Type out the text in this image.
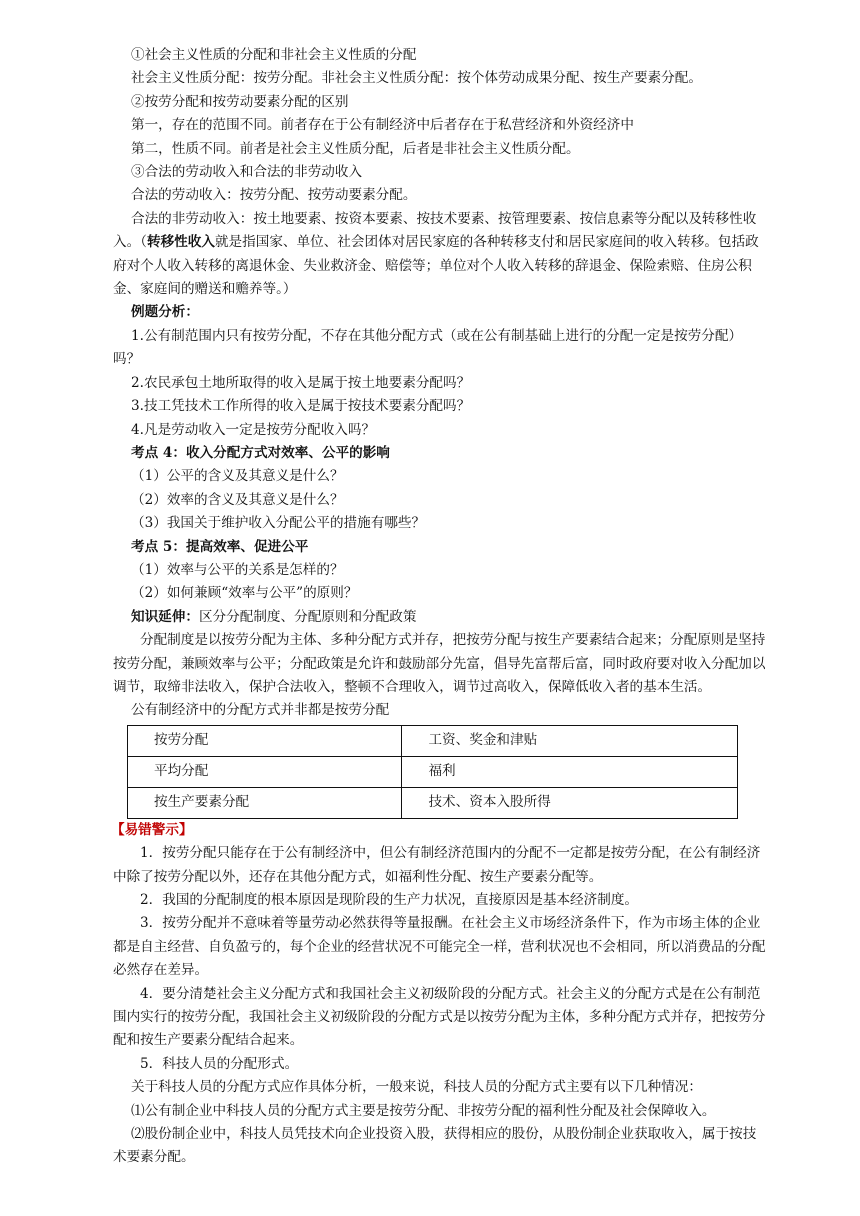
①社会主义性质的分配和非社会主义性质的分配

社会主义性质分配：按劳分配。非社会主义性质分配：按个体劳动成果分配、按生产要素分配。

②按劳分配和按劳动要素分配的区别

第一，存在的范围不同。前者存在于公有制经济中后者存在于私营经济和外资经济中

第二，性质不同。前者是社会主义性质分配，后者是非社会主义性质分配。

③合法的劳动收入和合法的非劳动收入

合法的劳动收入：按劳分配、按劳动要素分配。

合法的非劳动收入：按土地要素、按资本要素、按技术要素、按管理要素、按信息素等分配以及转移性收入。（转移性收入就是指国家、单位、社会团体对居民家庭的各种转移支付和居民家庭间的收入转移。包括政府对个人收入转移的离退休金、失业救济金、赔偿等；单位对个人收入转移的辞退金、保险索赔、住房公积金、家庭间的赠送和赡养等。）

例题分析：

1.公有制范围内只有按劳分配，不存在其他分配方式（或在公有制基础上进行的分配一定是按劳分配）吗？

2.农民承包土地所取得的收入是属于按土地要素分配吗？

3.技工凭技术工作所得的收入是属于按技术要素分配吗？

4.凡是劳动收入一定是按劳分配收入吗？

考点 4：收入分配方式对效率、公平的影响

（1）公平的含义及其意义是什么？

（2）效率的含义及其意义是什么？

（3）我国关于维护收入分配公平的措施有哪些？

考点 5：提高效率、促进公平

（1）效率与公平的关系是怎样的？

（2）如何兼顾“效率与公平”的原则？

知识延伸：区分分配制度、分配原则和分配政策

分配制度是以按劳分配为主体、多种分配方式并存，把按劳分配与按生产要素结合起来；分配原则是坚持按劳分配，兼顾效率与公平；分配政策是允许和鼓励部分先富，倡导先富帮后富，同时政府要对收入分配加以调节，取缔非法收入，保护合法收入，整顿不合理收入，调节过高收入，保障低收入者的基本生活。

公有制经济中的分配方式并非都是按劳分配

按劳分配	工资、奖金和津贴
平均分配	福利
按生产要素分配	技术、资本入股所得

【易错警示】

1．按劳分配只能存在于公有制经济中，但公有制经济范围内的分配不一定都是按劳分配，在公有制经济中除了按劳分配以外，还存在其他分配方式，如福利性分配、按生产要素分配等。

2．我国的分配制度的根本原因是现阶段的生产力状况，直接原因是基本经济制度。

3．按劳分配并不意味着等量劳动必然获得等量报酬。在社会主义市场经济条件下，作为市场主体的企业都是自主经营、自负盈亏的，每个企业的经营状况不可能完全一样，营利状况也不会相同，所以消费品的分配必然存在差异。

4．要分清楚社会主义分配方式和我国社会主义初级阶段的分配方式。社会主义的分配方式是在公有制范围内实行的按劳分配，我国社会主义初级阶段的分配方式是以按劳分配为主体，多种分配方式并存，把按劳分配和按生产要素分配结合起来。

5．科技人员的分配形式。

关于科技人员的分配方式应作具体分析，一般来说，科技人员的分配方式主要有以下几种情况：

⑴公有制企业中科技人员的分配方式主要是按劳分配、非按劳分配的福利性分配及社会保障收入。

⑵股份制企业中，科技人员凭技术向企业投资入股，获得相应的股份，从股份制企业获取收入，属于按技术要素分配。
